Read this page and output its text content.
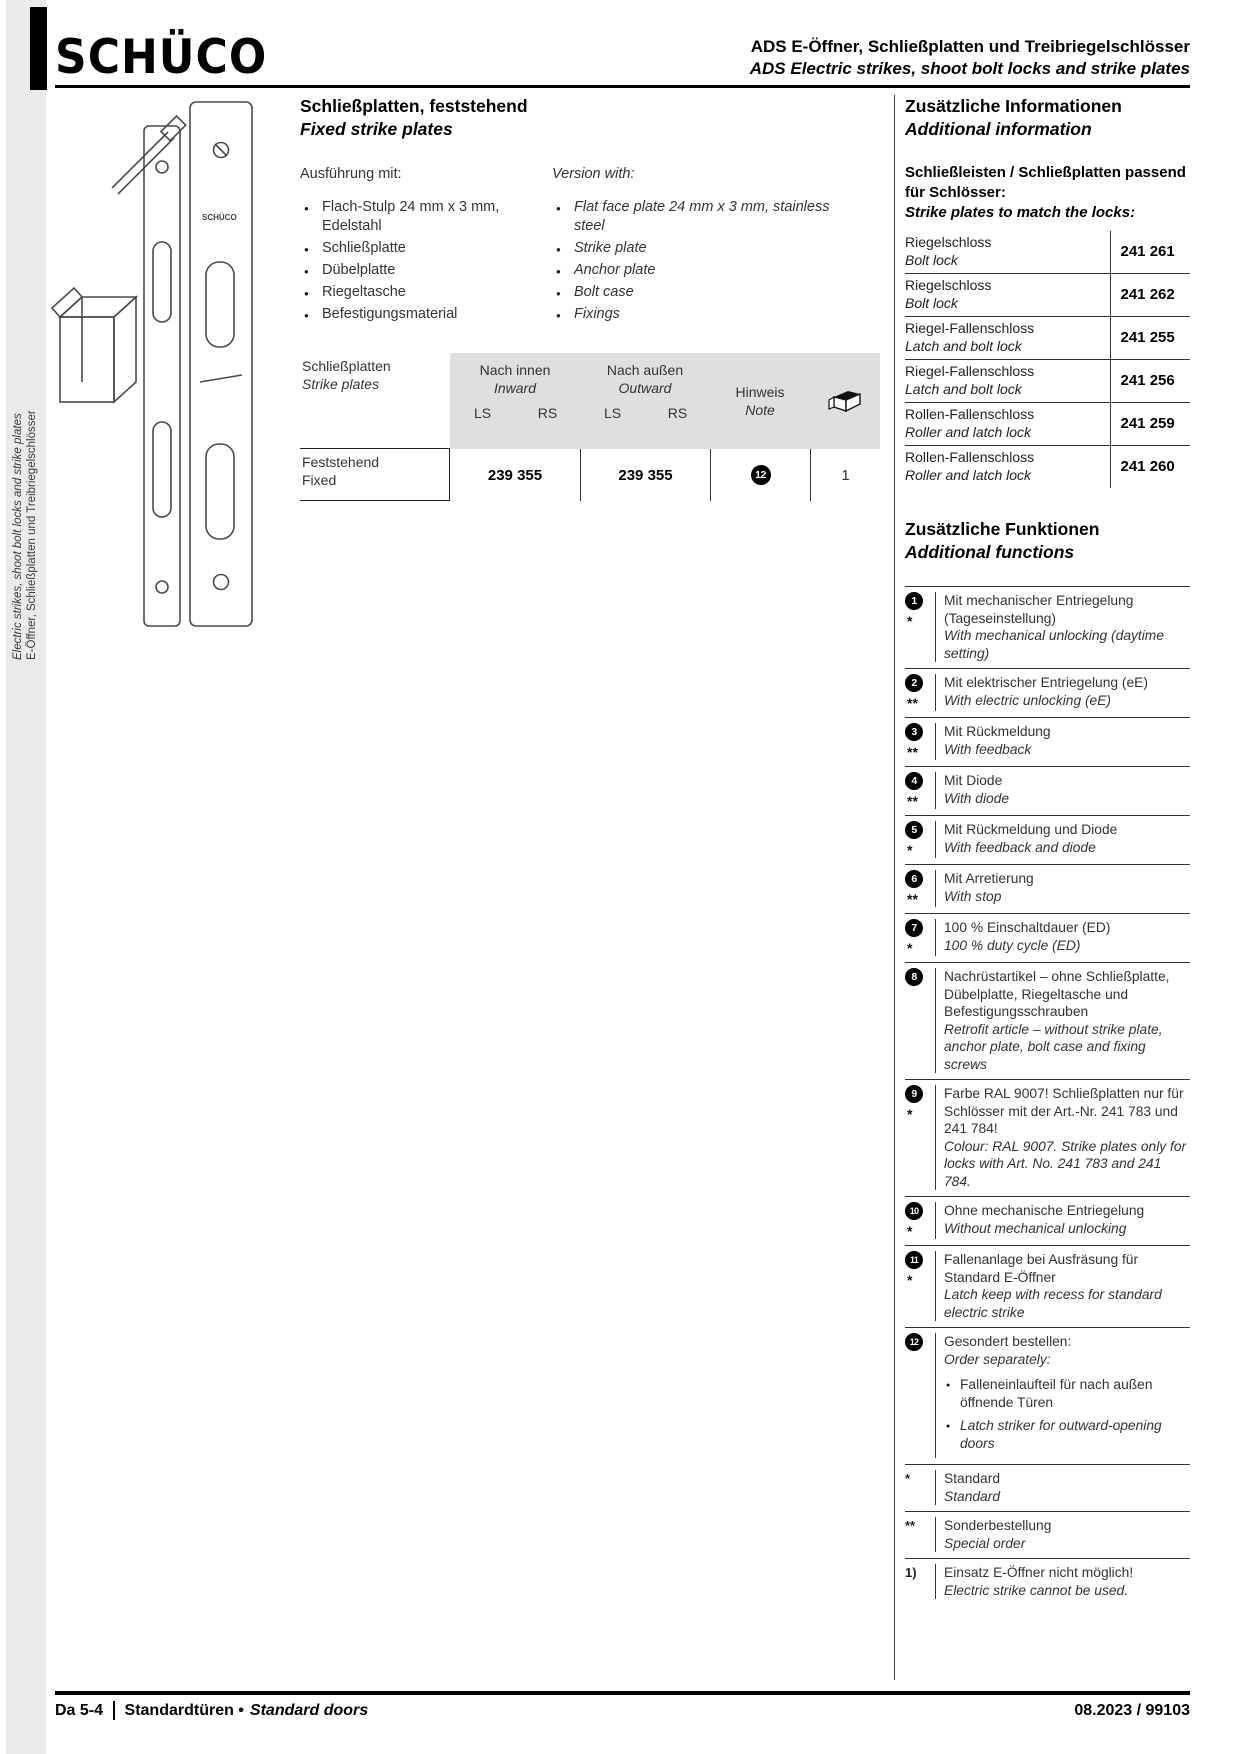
Electric strikes, shoot bolt locks and strike plates E-Öffner, Schließplatten und Treibriegelschlösser
SCHÜCO	ADS E-Öffner, Schließplatten und Treibriegelschlösser
ADS Electric strikes, shoot bolt locks and strike plates
SCHÜCO
Schließplatten, feststehend
Fixed strike plates
Ausführung mit:
● Flach-Stulp 24 mm x 3 mm, Edelstahl
● Schließplatte
● Dübelplatte
● Riegeltasche
● Befestigungsmaterial
Version with:
● Flat face plate 24 mm x 3 mm, stainless steel
● Strike plate
● Anchor plate
● Bolt case
● Fixings
Schließplatten
Strike plates
Nach innen
Inward
LS	RS
Nach außen
Outward
LS	RS
Hinweis
Note
Feststehend
Fixed	239 355	239 355	12	1
Zusätzliche Informationen
Additional information
Schließleisten / Schließplatten passend für Schlösser:
Strike plates to match the locks:
Riegelschloss
Bolt lock	241 261

Riegelschloss
Bolt lock	241 262

Riegel-Fallenschloss
Latch and bolt lock	241 255

Riegel-Fallenschloss
Latch and bolt lock	241 256

Rollen-Fallenschloss
Roller and latch lock	241 259

Rollen-Fallenschloss
Roller and latch lock	241 260
Zusätzliche Funktionen
Additional functions
1
*
Mit mechanischer Entriegelung (Tageseinstellung)
With mechanical unlocking (daytime setting)
2
**
Mit elektrischer Entriegelung (eE)
With electric unlocking (eE)
3
**
Mit Rückmeldung
With feedback
4
**
Mit Diode
With diode
5
*
Mit Rückmeldung und Diode
With feedback and diode
6
**
Mit Arretierung
With stop
7
*
100 % Einschaltdauer (ED)
100 % duty cycle (ED)
8	Nachrüstartikel – ohne Schließplatte, Dübelplatte, Riegeltasche und Befestigungsschrauben
Retrofit article – without strike plate, anchor plate, bolt case and fixing screws
9
*
Farbe RAL 9007! Schließplatten nur für Schlösser mit der Art.-Nr. 241 783 und 241 784!
Colour: RAL 9007. Strike plates only for locks with Art. No. 241 783 and 241 784.
10
*
Ohne mechanische Entriegelung
Without mechanical unlocking
11
*
Fallenanlage bei Ausfräsung für Standard E-Öffner
Latch keep with recess for standard electric strike
12	Gesondert bestellen:
Order separately:
● Falleneinlaufteil für nach außen öffnende Türen
● Latch striker for outward-opening doors
*	Standard
Standard
**	Sonderbestellung
Special order
1)	Einsatz E-Öffner nicht möglich!
Electric strike cannot be used.
Da 5-4 Standardtüren • Standard doors	08.2023 / 99103
